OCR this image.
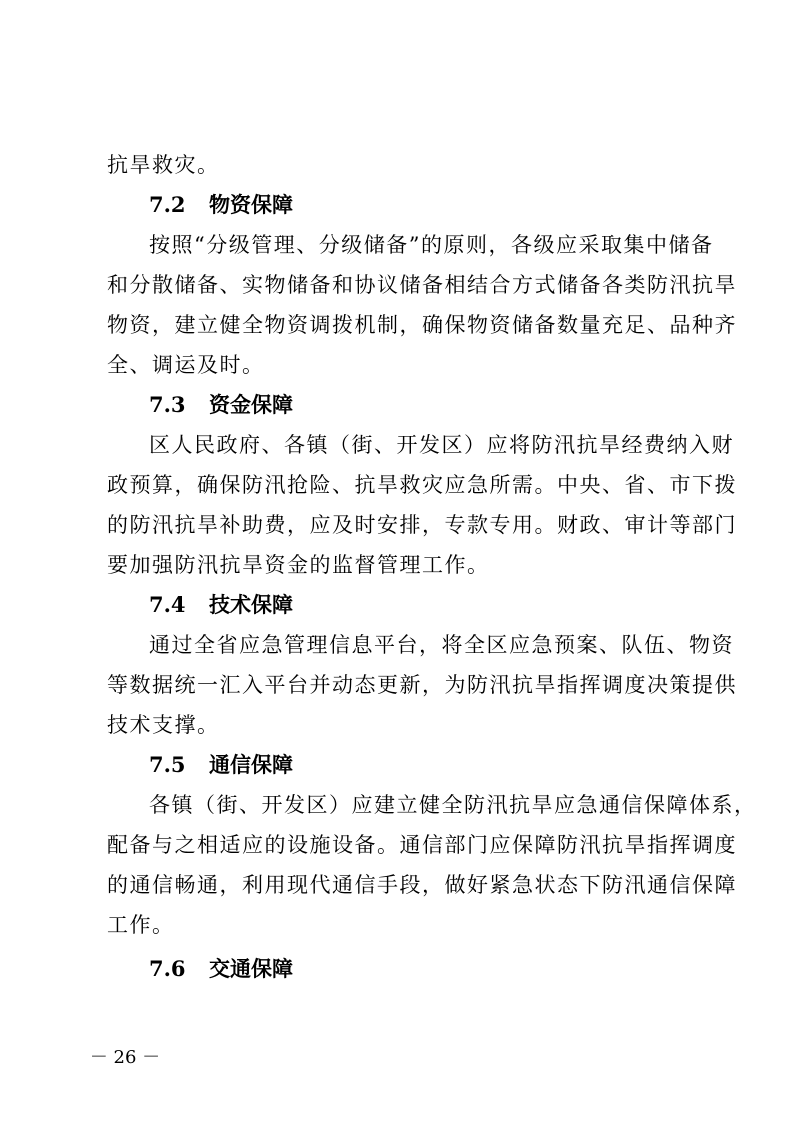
抗旱救灾。

7.2 物资保障

按照“分级管理、分级储备”的原则，各级应采取集中储备
和分散储备、实物储备和协议储备相结合方式储备各类防汛抗旱
物资，建立健全物资调拨机制，确保物资储备数量充足、品种齐
全、调运及时。

7.3 资金保障

区人民政府、各镇（街、开发区）应将防汛抗旱经费纳入财
政预算，确保防汛抢险、抗旱救灾应急所需。中央、省、市下拨
的防汛抗旱补助费，应及时安排，专款专用。财政、审计等部门
要加强防汛抗旱资金的监督管理工作。

7.4 技术保障

通过全省应急管理信息平台，将全区应急预案、队伍、物资
等数据统一汇入平台并动态更新，为防汛抗旱指挥调度决策提供
技术支撑。

7.5 通信保障

各镇（街、开发区）应建立健全防汛抗旱应急通信保障体系，
配备与之相适应的设施设备。通信部门应保障防汛抗旱指挥调度
的通信畅通，利用现代通信手段，做好紧急状态下防汛通信保障
工作。

7.6 交通保障
－ 26 －
